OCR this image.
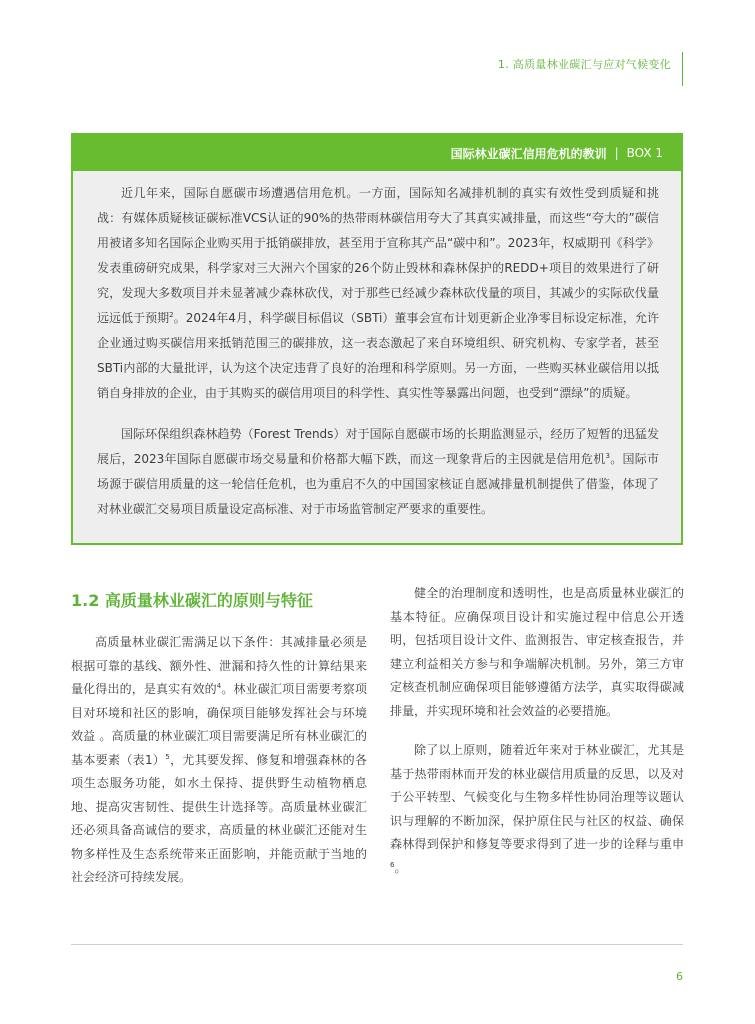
1. 高质量林业碳汇与应对气候变化
国际林业碳汇信用危机的教训 | BOX 1

近几年来，国际自愿碳市场遭遇信用危机。一方面，国际知名减排机制的真实有效性受到质疑和挑战：有媒体质疑核证碳标准VCS认证的90%的热带雨林碳信用夸大了其真实减排量，而这些“夸大的”碳信用被诸多知名国际企业购买用于抵销碳排放，甚至用于宣称其产品“碳中和”。2023年，权威期刊《科学》发表重磅研究成果，科学家对三大洲六个国家的26个防止毁林和森林保护的REDD+项目的效果进行了研究，发现大多数项目并未显著减少森林砍伐，对于那些已经减少森林砍伐量的项目，其减少的实际砍伐量远远低于预期$^2$。2024年4月，科学碳目标倡议（SBTi）董事会宣布计划更新企业净零目标设定标准，允许企业通过购买碳信用来抵销范围三的碳排放，这一表态激起了来自环境组织、研究机构、专家学者，甚至SBTi内部的大量批评，认为这个决定违背了良好的治理和科学原则。另一方面，一些购买林业碳信用以抵销自身排放的企业，由于其购买的碳信用项目的科学性、真实性等暴露出问题，也受到“漂绿”的质疑。

国际环保组织森林趋势（Forest Trends）对于国际自愿碳市场的长期监测显示，经历了短暂的迅猛发展后，2023年国际自愿碳市场交易量和价格都大幅下跌，而这一现象背后的主因就是信用危机$^3$。国际市场源于碳信用质量的这一轮信任危机，也为重启不久的中国国家核证自愿减排量机制提供了借鉴，体现了对林业碳汇交易项目质量设定高标准、对于市场监管制定严要求的重要性。

1.2 高质量林业碳汇的原则与特征

高质量林业碳汇需满足以下条件：其减排量必须是根据可靠的基线、额外性、泄漏和持久性的计算结果来量化得出的，是真实有效的$^4$。林业碳汇项目需要考察项目对环境和社区的影响，确保项目能够发挥社会与环境效益 。高质量的林业碳汇项目需要满足所有林业碳汇的基本要素（表1）$^5$，尤其要发挥、修复和增强森林的各项生态服务功能，如水土保持、提供野生动植物栖息地、提高灾害韧性、提供生计选择等。高质量林业碳汇还必须具备高诚信的要求，高质量的林业碳汇还能对生物多样性及生态系统带来正面影响，并能贡献于当地的社会经济可持续发展。

健全的治理制度和透明性，也是高质量林业碳汇的基本特征。应确保项目设计和实施过程中信息公开透明，包括项目设计文件、监测报告、审定核查报告，并建立利益相关方参与和争端解决机制。另外，第三方审定核查机制应确保项目能够遵循方法学，真实取得碳减排量，并实现环境和社会效益的必要措施。

除了以上原则，随着近年来对于林业碳汇，尤其是基于热带雨林而开发的林业碳信用质量的反思，以及对于公平转型、气候变化与生物多样性协同治理等议题认识与理解的不断加深，保护原住民与社区的权益、确保森林得到保护和修复等要求得到了进一步的诠释与重申$^6$。

6
